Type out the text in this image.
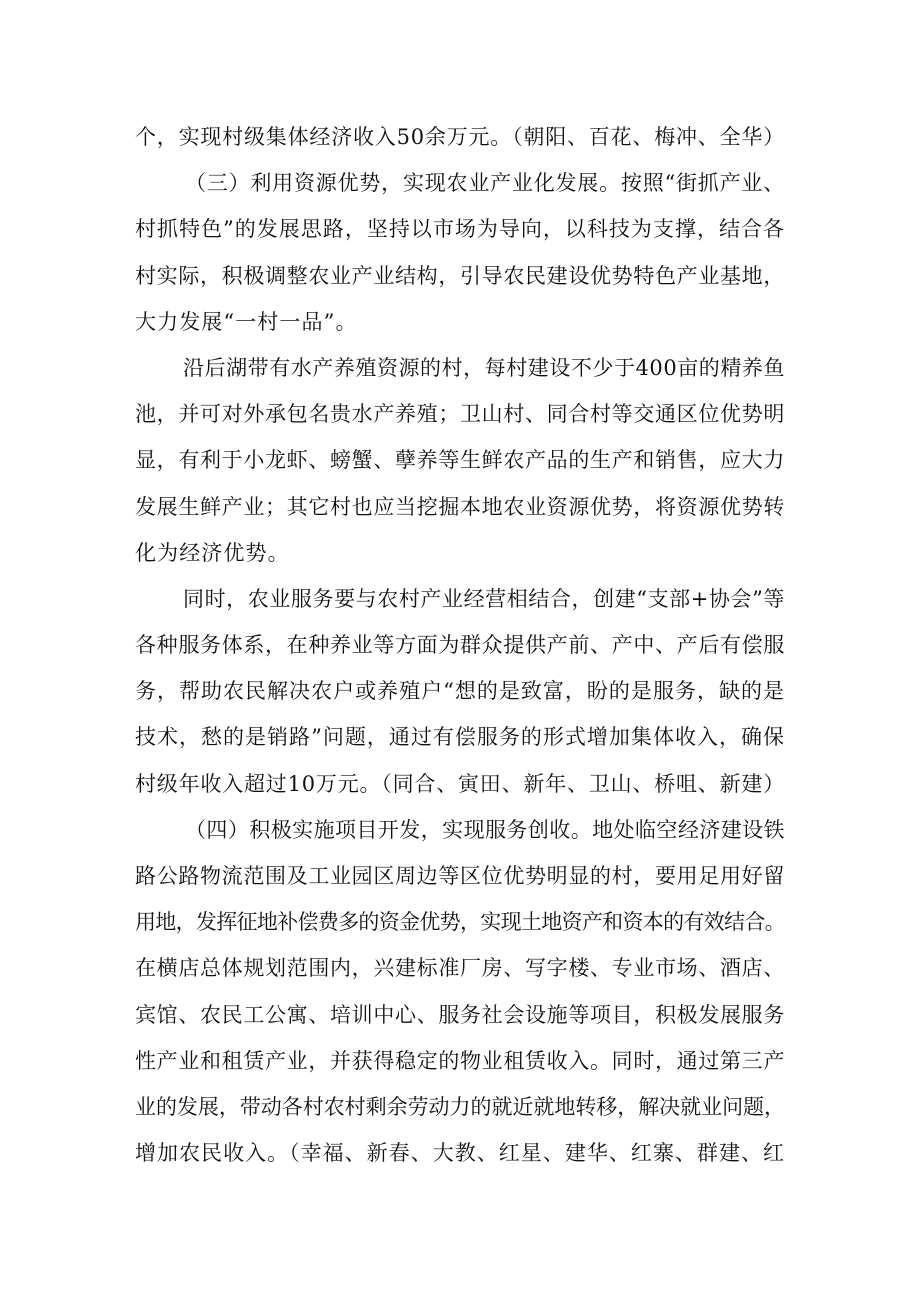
个，实现村级集体经济收入50余万元。（朝阳、百花、梅冲、全华）
（三）利用资源优势，实现农业产业化发展。按照“街抓产业、
村抓特色”的发展思路，坚持以市场为导向，以科技为支撑，结合各
村实际，积极调整农业产业结构，引导农民建设优势特色产业基地，
大力发展“一村一品”。
沿后湖带有水产养殖资源的村，每村建设不少于400亩的精养鱼
池，并可对外承包名贵水产养殖；卫山村、同合村等交通区位优势明
显，有利于小龙虾、螃蟹、孽养等生鲜农产品的生产和销售，应大力
发展生鲜产业；其它村也应当挖掘本地农业资源优势，将资源优势转
化为经济优势。
同时，农业服务要与农村产业经营相结合，创建“支部+协会”等
各种服务体系，在种养业等方面为群众提供产前、产中、产后有偿服
务，帮助农民解决农户或养殖户“想的是致富，盼的是服务，缺的是
技术，愁的是销路”问题，通过有偿服务的形式增加集体收入，确保
村级年收入超过10万元。（同合、寅田、新年、卫山、桥咀、新建）
（四）积极实施项目开发，实现服务创收。地处临空经济建设铁
路公路物流范围及工业园区周边等区位优势明显的村，要用足用好留
用地，发挥征地补偿费多的资金优势，实现土地资产和资本的有效结合。
在横店总体规划范围内，兴建标准厂房、写字楼、专业市场、酒店、
宾馆、农民工公寓、培训中心、服务社会设施等项目，积极发展服务
性产业和租赁产业，并获得稳定的物业租赁收入。同时，通过第三产
业的发展，带动各村农村剩余劳动力的就近就地转移，解决就业问题，
增加农民收入。（幸福、新春、大教、红星、建华、红寨、群建、红
